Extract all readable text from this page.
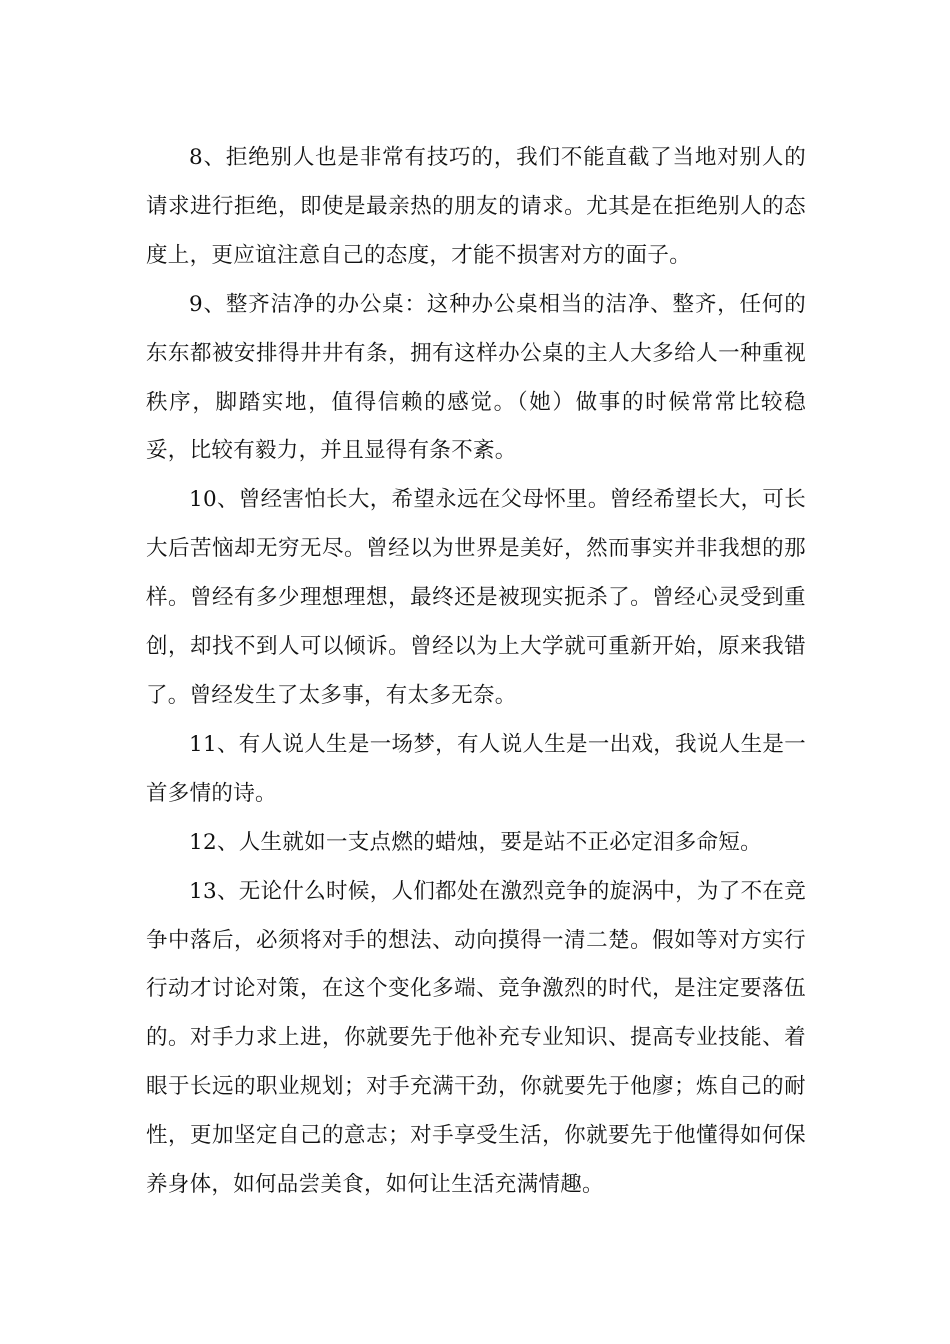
8、拒绝别人也是非常有技巧的，我们不能直截了当地对别人的请求进行拒绝，即使是最亲热的朋友的请求。尤其是在拒绝别人的态度上，更应谊注意自己的态度，才能不损害对方的面子。

9、整齐洁净的办公桌：这种办公桌相当的洁净、整齐，任何的东东都被安排得井井有条，拥有这样办公桌的主人大多给人一种重视秩序，脚踏实地，值得信赖的感觉。（她）做事的时候常常比较稳妥，比较有毅力，并且显得有条不紊。

10、曾经害怕长大，希望永远在父母怀里。曾经希望长大，可长大后苦恼却无穷无尽。曾经以为世界是美好，然而事实并非我想的那样。曾经有多少理想理想，最终还是被现实扼杀了。曾经心灵受到重创，却找不到人可以倾诉。曾经以为上大学就可重新开始，原来我错了。曾经发生了太多事，有太多无奈。

11、有人说人生是一场梦，有人说人生是一出戏，我说人生是一首多情的诗。

12、人生就如一支点燃的蜡烛，要是站不正必定泪多命短。

13、无论什么时候，人们都处在激烈竞争的旋涡中，为了不在竞争中落后，必须将对手的想法、动向摸得一清二楚。假如等对方实行行动才讨论对策，在这个变化多端、竞争激烈的时代，是注定要落伍的。对手力求上进，你就要先于他补充专业知识、提高专业技能、着眼于长远的职业规划；对手充满干劲，你就要先于他廖；炼自己的耐性，更加坚定自己的意志；对手享受生活，你就要先于他懂得如何保养身体，如何品尝美食，如何让生活充满情趣。
